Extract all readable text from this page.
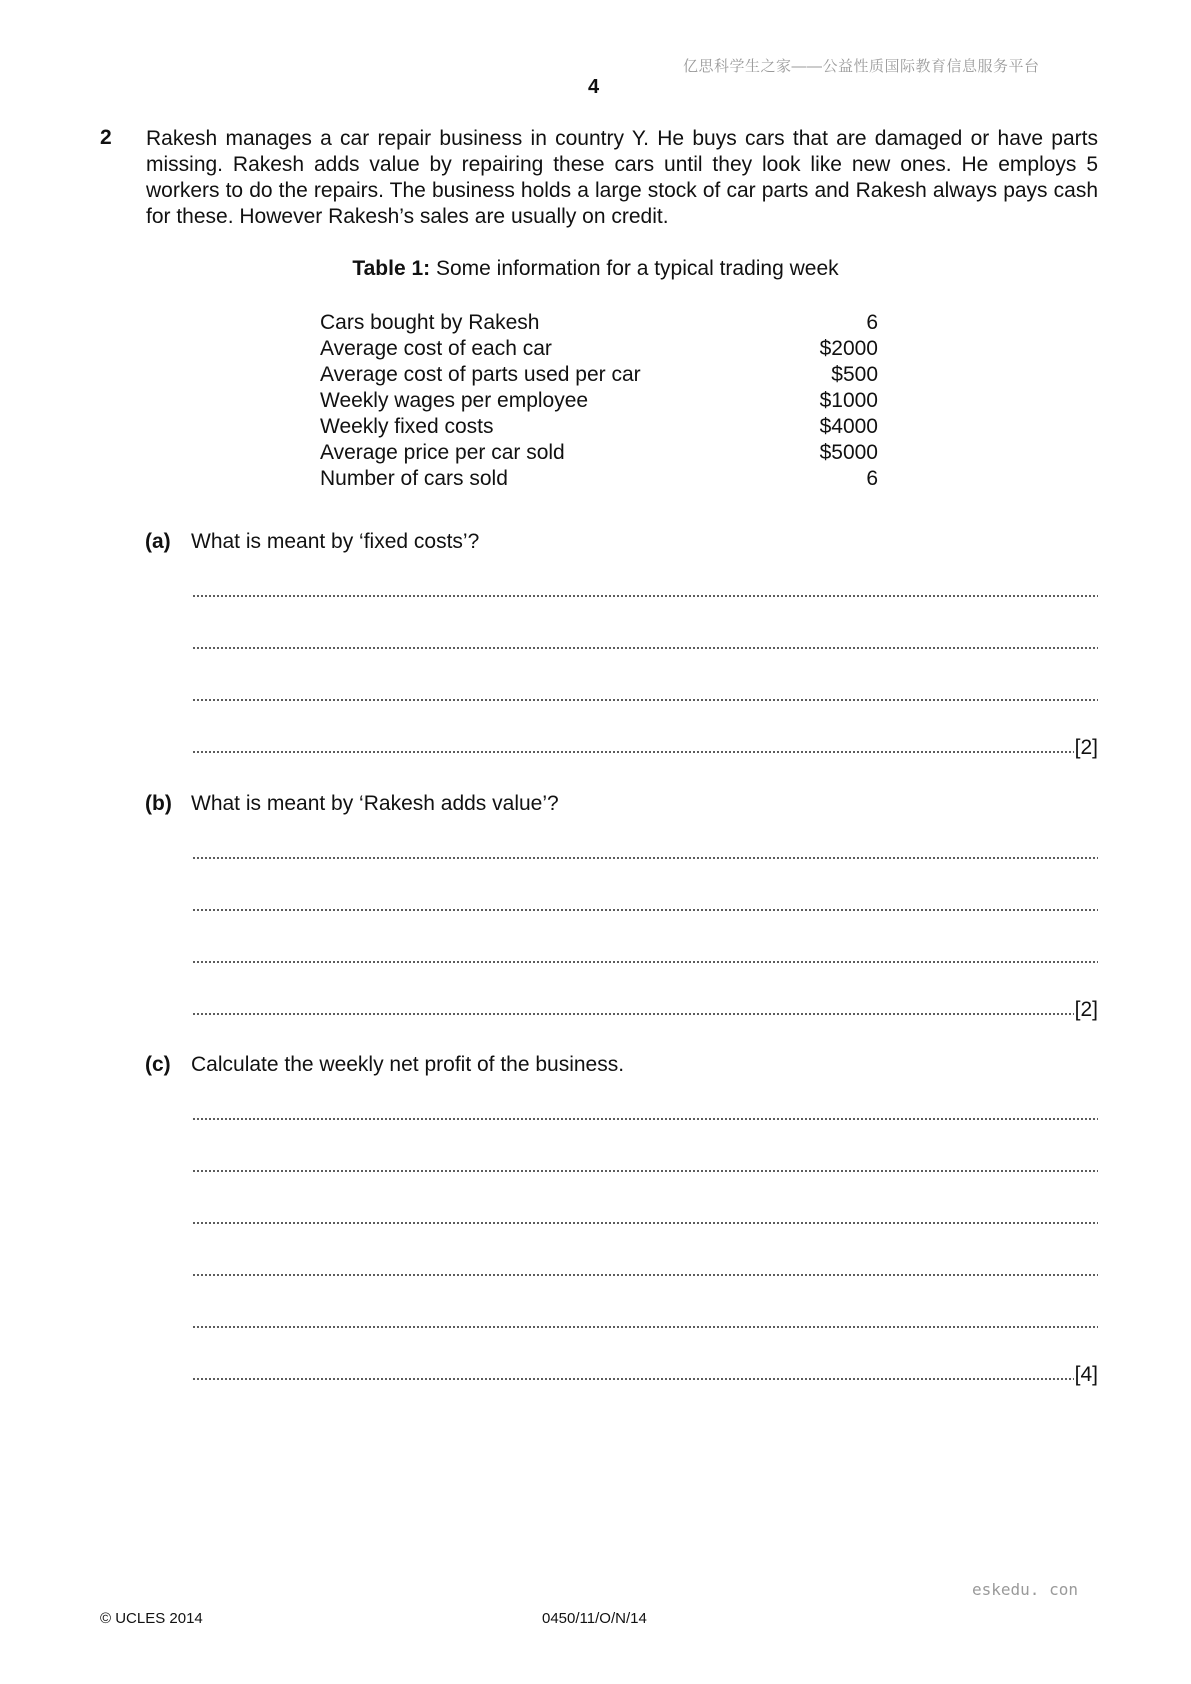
亿思科学生之家——公益性质国际教育信息服务平台
4
2 Rakesh manages a car repair business in country Y. He buys cars that are damaged or have parts missing. Rakesh adds value by repairing these cars until they look like new ones. He employs 5 workers to do the repairs. The business holds a large stock of car parts and Rakesh always pays cash for these. However Rakesh’s sales are usually on credit.
Table 1: Some information for a typical trading week
Cars bought by Rakesh	6
Average cost of each car	$2000
Average cost of parts used per car	$500
Weekly wages per employee	$1000
Weekly fixed costs	$4000
Average price per car sold	$5000
Number of cars sold	6
(a) What is meant by ‘fixed costs’?
[2]
(b) What is meant by ‘Rakesh adds value’?
[2]
(c) Calculate the weekly net profit of the business.
[4]
eskedu. con
© UCLES 2014	0450/11/O/N/14
